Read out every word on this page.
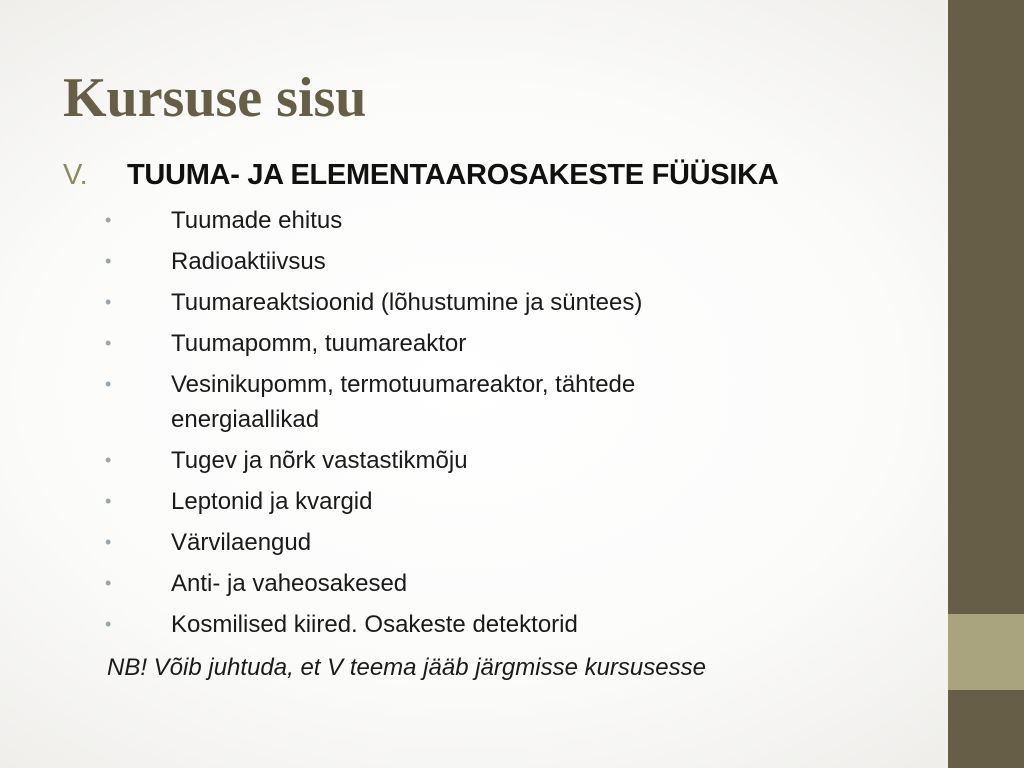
Kursuse sisu
V. TUUMA- JA ELEMENTAAROSAKESTE FÜÜSIKA
• Tuumade ehitus
• Radioaktiivsus
• Tuumareaktsioonid (lõhustumine ja süntees)
• Tuumapomm, tuumareaktor
• Vesinikupomm, termotuumareaktor, tähtede energiaallikad
• Tugev ja nõrk vastastikmõju
• Leptonid ja kvargid
• Värvilaengud
• Anti- ja vaheosakesed
• Kosmilised kiired. Osakeste detektorid
NB! Võib juhtuda, et V teema jääb järgmisse kursusesse
